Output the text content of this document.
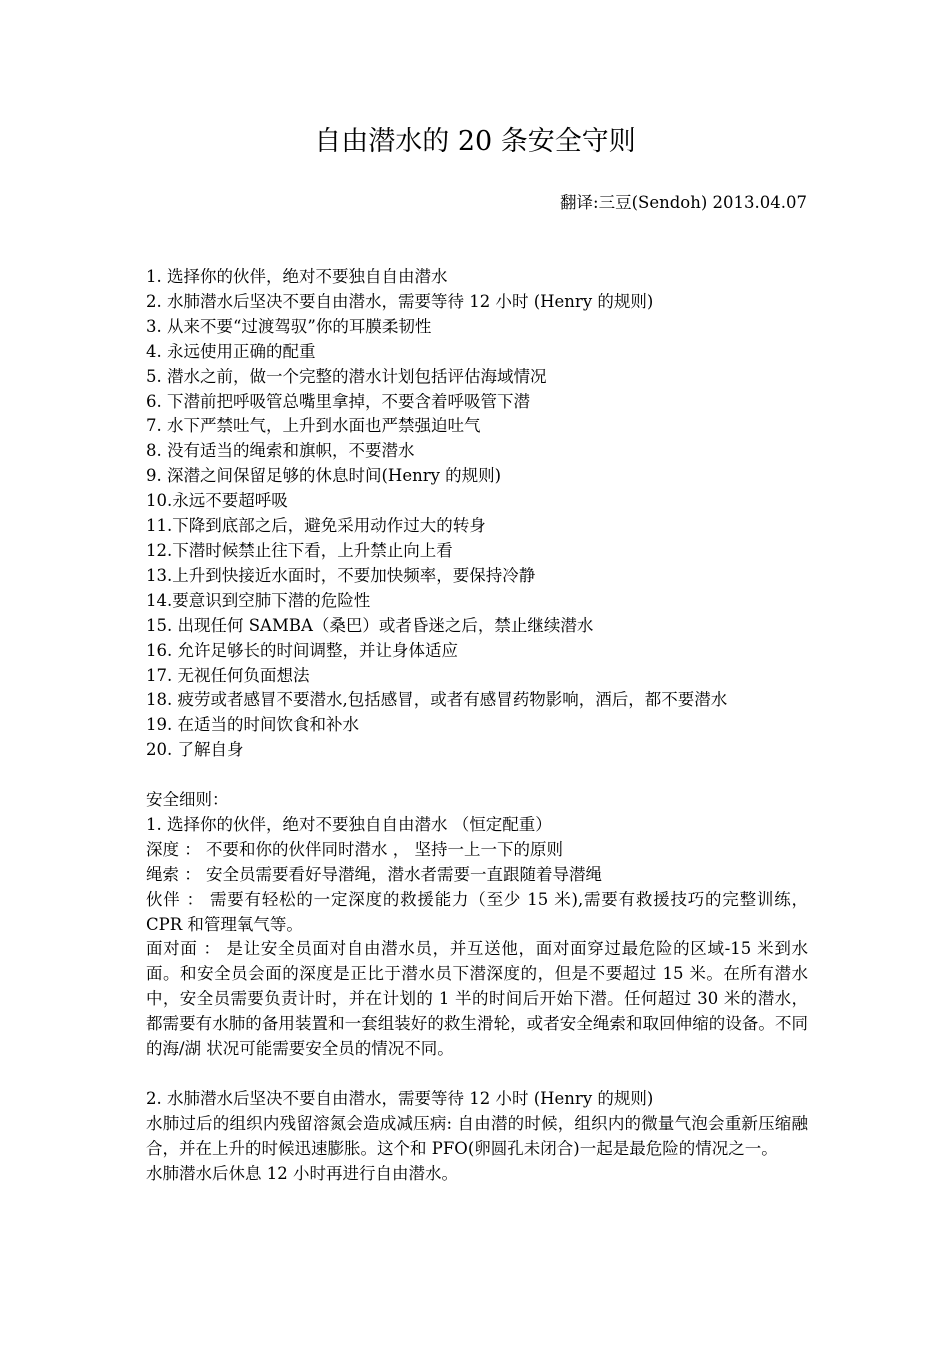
自由潜水的 20 条安全守则
翻译:三豆(Sendoh) 2013.04.07
1. 选择你的伙伴，绝对不要独自自由潜水
2. 水肺潜水后坚决不要自由潜水，需要等待 12 小时 (Henry 的规则)
3. 从来不要“过渡驾驭”你的耳膜柔韧性
4. 永远使用正确的配重
5. 潜水之前，做一个完整的潜水计划包括评估海域情况
6. 下潜前把呼吸管总嘴里拿掉，不要含着呼吸管下潜
7. 水下严禁吐气，上升到水面也严禁强迫吐气
8. 没有适当的绳索和旗帜，不要潜水
9. 深潜之间保留足够的休息时间(Henry 的规则)
10.永远不要超呼吸
11.下降到底部之后，避免采用动作过大的转身
12.下潜时候禁止往下看，上升禁止向上看
13.上升到快接近水面时，不要加快频率，要保持冷静
14.要意识到空肺下潜的危险性
15. 出现任何 SAMBA（桑巴）或者昏迷之后，禁止继续潜水
16. 允许足够长的时间调整，并让身体适应
17. 无视任何负面想法
18. 疲劳或者感冒不要潜水,包括感冒，或者有感冒药物影响，酒后，都不要潜水
19. 在适当的时间饮食和补水
20. 了解自身
安全细则：
1. 选择你的伙伴，绝对不要独自自由潜水 （恒定配重）
深度 ： 不要和你的伙伴同时潜水 ， 坚持一上一下的原则
绳索 ： 安全员需要看好导潜绳，潜水者需要一直跟随着导潜绳
伙伴 ： 需要有轻松的一定深度的救援能力（至少 15 米),需要有救援技巧的完整训练，CPR 和管理氧气等。
面对面 ： 是让安全员面对自由潜水员，并互送他，面对面穿过最危险的区域-15 米到水面。和安全员会面的深度是正比于潜水员下潜深度的，但是不要超过 15 米。在所有潜水中，安全员需要负责计时，并在计划的 1 半的时间后开始下潜。任何超过 30 米的潜水，都需要有水肺的备用装置和一套组装好的救生滑轮，或者安全绳索和取回伸缩的设备。不同的海/湖 状况可能需要安全员的情况不同。
2. 水肺潜水后坚决不要自由潜水，需要等待 12 小时 (Henry 的规则)
水肺过后的组织内残留溶氮会造成减压病: 自由潜的时候，组织内的微量气泡会重新压缩融合，并在上升的时候迅速膨胀。这个和 PFO(卵圆孔未闭合)一起是最危险的情况之一。
水肺潜水后休息 12 小时再进行自由潜水。
